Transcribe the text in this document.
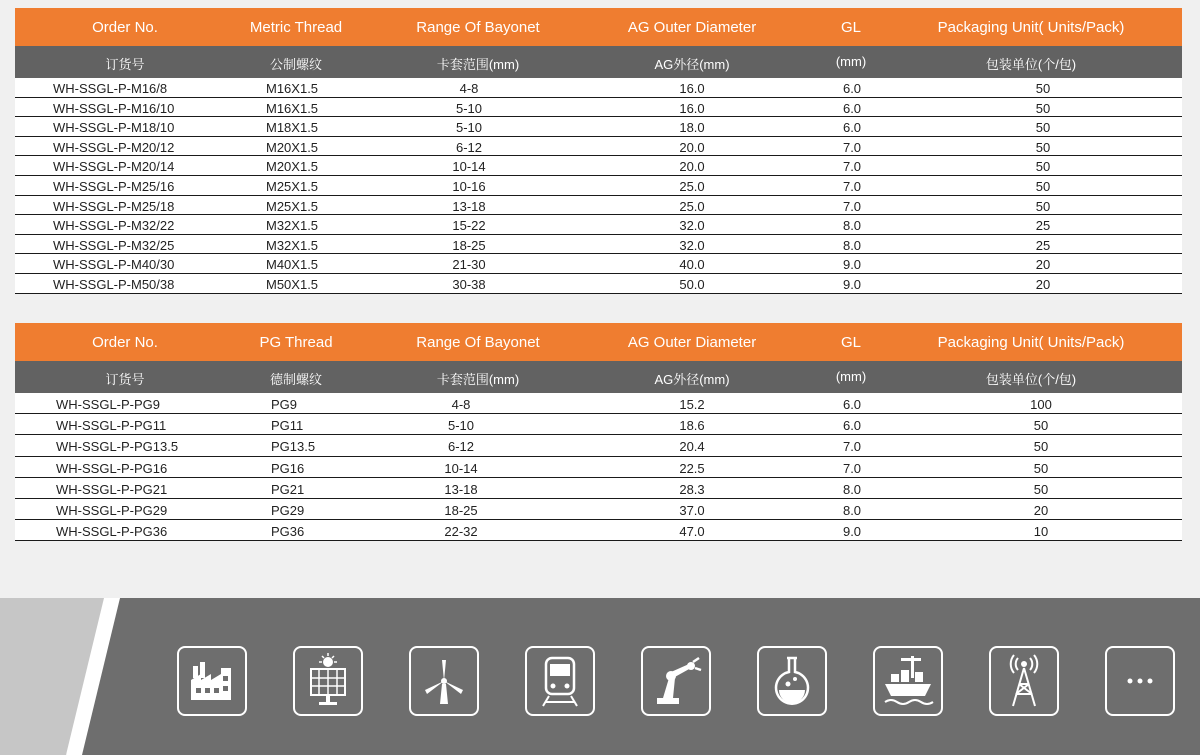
Order No.	Metric Thread	Range Of Bayonet	AG Outer Diameter	GL	Packaging Unit( Units/Pack)
订货号	公制螺纹	卡套范围(mm)	AG外径(mm)	(mm)	包装单位(个/包)
WH-SSGL-P-M16/8	M16X1.5	4-8	16.0	6.0	50
WH-SSGL-P-M16/10	M16X1.5	5-10	16.0	6.0	50
WH-SSGL-P-M18/10	M18X1.5	5-10	18.0	6.0	50
WH-SSGL-P-M20/12	M20X1.5	6-12	20.0	7.0	50
WH-SSGL-P-M20/14	M20X1.5	10-14	20.0	7.0	50
WH-SSGL-P-M25/16	M25X1.5	10-16	25.0	7.0	50
WH-SSGL-P-M25/18	M25X1.5	13-18	25.0	7.0	50
WH-SSGL-P-M32/22	M32X1.5	15-22	32.0	8.0	25
WH-SSGL-P-M32/25	M32X1.5	18-25	32.0	8.0	25
WH-SSGL-P-M40/30	M40X1.5	21-30	40.0	9.0	20
WH-SSGL-P-M50/38	M50X1.5	30-38	50.0	9.0	20
Order No.	PG Thread	Range Of Bayonet	AG Outer Diameter	GL	Packaging Unit( Units/Pack)
订货号	德制螺纹	卡套范围(mm)	AG外径(mm)	(mm)	包装单位(个/包)
WH-SSGL-P-PG9	PG9	4-8	15.2	6.0	100
WH-SSGL-P-PG11	PG11	5-10	18.6	6.0	50
WH-SSGL-P-PG13.5	PG13.5	6-12	20.4	7.0	50
WH-SSGL-P-PG16	PG16	10-14	22.5	7.0	50
WH-SSGL-P-PG21	PG21	13-18	28.3	8.0	50
WH-SSGL-P-PG29	PG29	18-25	37.0	8.0	20
WH-SSGL-P-PG36	PG36	22-32	47.0	9.0	10
